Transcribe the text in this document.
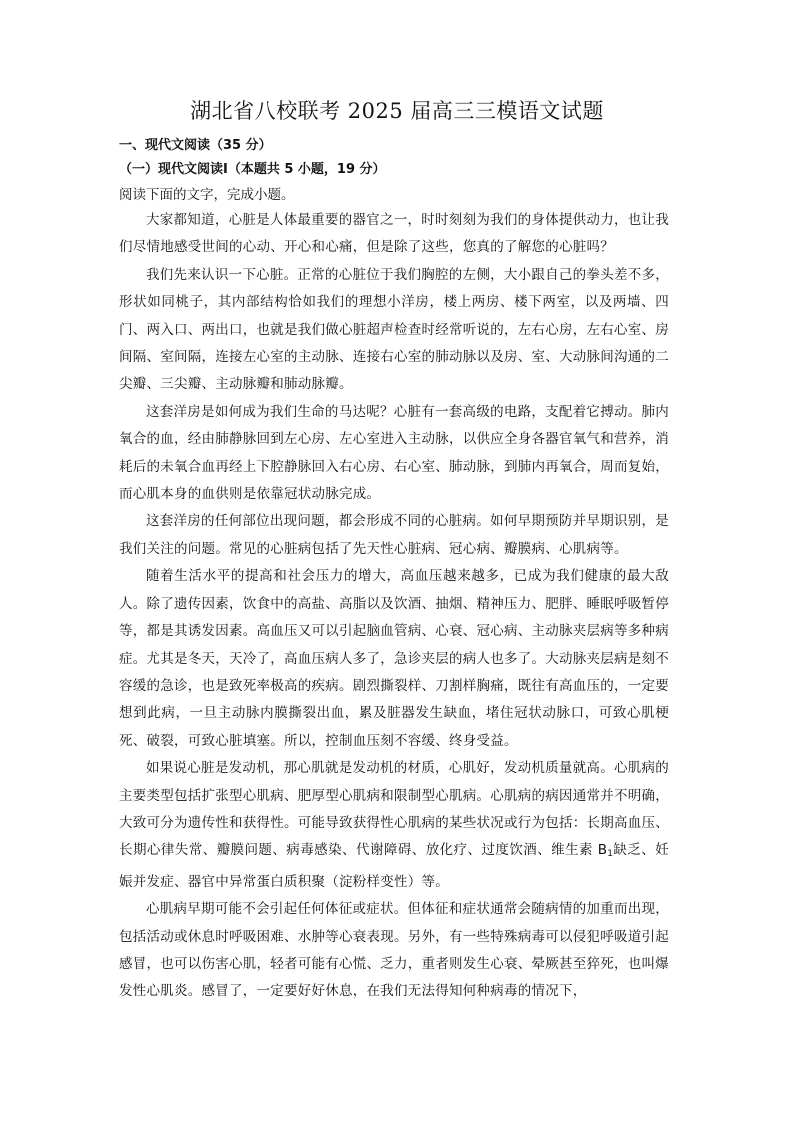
湖北省八校联考 2025 届高三三模语文试题
一、现代文阅读（35 分）
（一）现代文阅读Ⅰ（本题共 5 小题，19 分）

阅读下面的文字，完成小题。

大家都知道，心脏是人体最重要的器官之一，时时刻刻为我们的身体提供动力，也让我们尽情地感受世间的心动、开心和心痛，但是除了这些，您真的了解您的心脏吗？

我们先来认识一下心脏。正常的心脏位于我们胸腔的左侧，大小跟自己的拳头差不多，形状如同桃子，其内部结构恰如我们的理想小洋房，楼上两房、楼下两室，以及两墙、四门、两入口、两出口，也就是我们做心脏超声检查时经常听说的，左右心房，左右心室、房间隔、室间隔，连接左心室的主动脉、连接右心室的肺动脉以及房、室、大动脉间沟通的二尖瓣、三尖瓣、主动脉瓣和肺动脉瓣。

这套洋房是如何成为我们生命的马达呢？心脏有一套高级的电路，支配着它搏动。肺内氧合的血，经由肺静脉回到左心房、左心室进入主动脉，以供应全身各器官氧气和营养，消耗后的未氧合血再经上下腔静脉回入右心房、右心室、肺动脉，到肺内再氧合，周而复始，而心肌本身的血供则是依靠冠状动脉完成。

这套洋房的任何部位出现问题，都会形成不同的心脏病。如何早期预防并早期识别，是我们关注的问题。常见的心脏病包括了先天性心脏病、冠心病、瓣膜病、心肌病等。

随着生活水平的提高和社会压力的增大，高血压越来越多，已成为我们健康的最大敌人。除了遗传因素，饮食中的高盐、高脂以及饮酒、抽烟、精神压力、肥胖、睡眠呼吸暂停等，都是其诱发因素。高血压又可以引起脑血管病、心衰、冠心病、主动脉夹层病等多种病症。尤其是冬天，天冷了，高血压病人多了，急诊夹层的病人也多了。大动脉夹层病是刻不容缓的急诊，也是致死率极高的疾病。剧烈撕裂样、刀割样胸痛，既往有高血压的，一定要想到此病，一旦主动脉内膜撕裂出血，累及脏器发生缺血，堵住冠状动脉口，可致心肌梗死、破裂，可致心脏填塞。所以，控制血压刻不容缓、终身受益。

如果说心脏是发动机，那心肌就是发动机的材质，心肌好，发动机质量就高。心肌病的主要类型包括扩张型心肌病、肥厚型心肌病和限制型心肌病。心肌病的病因通常并不明确，大致可分为遗传性和获得性。可能导致获得性心肌病的某些状况或行为包括：长期高血压、长期心律失常、瓣膜问题、病毒感染、代谢障碍、放化疗、过度饮酒、维生素 $B_1$缺乏、妊娠并发症、器官中异常蛋白质积聚（淀粉样变性）等。

心肌病早期可能不会引起任何体征或症状。但体征和症状通常会随病情的加重而出现，包括活动或休息时呼吸困难、水肿等心衰表现。另外，有一些特殊病毒可以侵犯呼吸道引起感冒，也可以伤害心肌，轻者可能有心慌、乏力，重者则发生心衰、晕厥甚至猝死，也叫爆发性心肌炎。感冒了，一定要好好休息，在我们无法得知何种病毒的情况下，
